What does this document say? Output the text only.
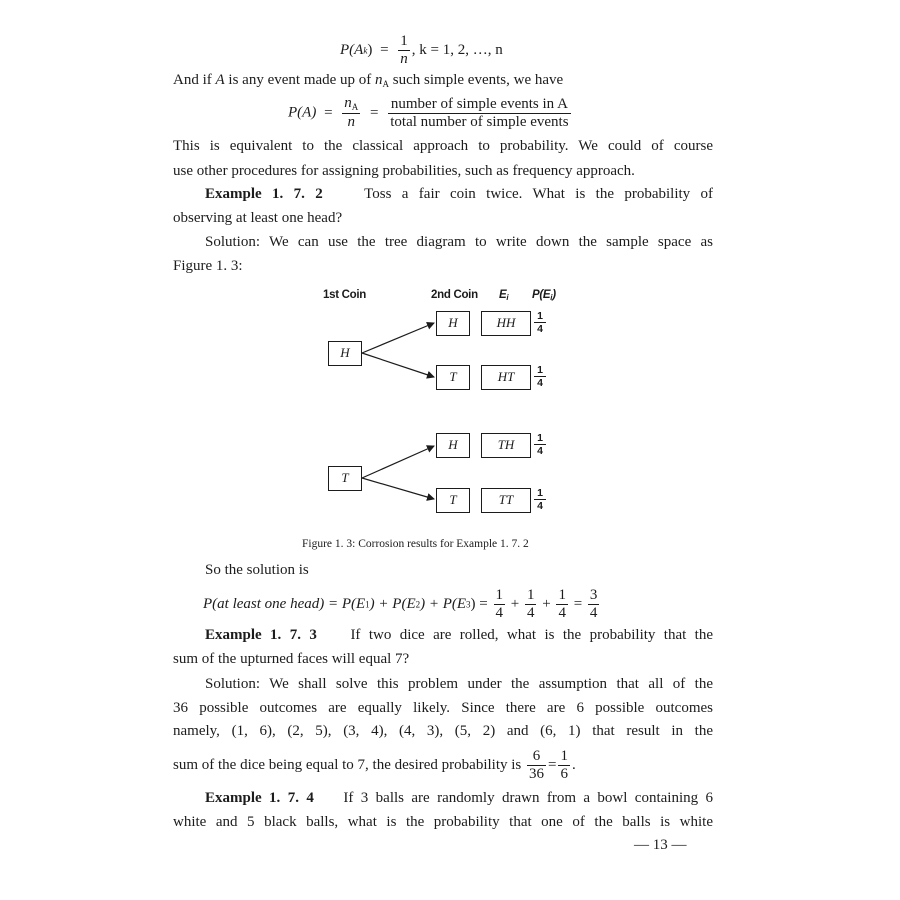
$P(Ak) = \frac{1}{n}$ , k = 1, 2, …, n
And if A is any event made up of $n_A$ such simple events, we have
$P(A) = \frac{n_A}{n} = \frac{\text{number of simple events in A}}{\text{total number of simple events}}$
This is equivalent to the classical approach to probability. We could of course
use other procedures for assigning probabilities, such as frequency approach.
Example 1. 7. 2	Toss a fair coin twice. What is the probability of
observing at least one head?
Solution: We can use the tree diagram to write down the sample space as
Figure 1. 3:
1st Coin	2nd Coin Ei P(Ei)
H
T
H
T
H
T
HH
HT
TH
TT
$\frac{1}{4}$
$\frac{1}{4}$
$\frac{1}{4}$
$\frac{1}{4}$
Figure 1. 3: Corrosion results for Example 1. 7. 2
So the solution is
P(at least one head) = $P(E1) + P(E2) + P(E3) = \frac{1}{4} + \frac{1}{4} + \frac{1}{4} = \frac{3}{4}$
Example 1. 7. 3 If two dice are rolled, what is the probability that the
sum of the upturned faces will equal 7?
Solution: We shall solve this problem under the assumption that all of the
36 possible outcomes are equally likely. Since there are 6 possible outcomes
namely, (1, 6), (2, 5), (3, 4), (4, 3), (5, 2) and (6, 1) that result in the
sum of the dice being equal to 7, the desired probability is $\frac{6}{36} = \frac{1}{6}$ .
Example 1. 7. 4 If 3 balls are randomly drawn from a bowl containing 6
white and 5 black balls, what is the probability that one of the balls is white
— 13 —
